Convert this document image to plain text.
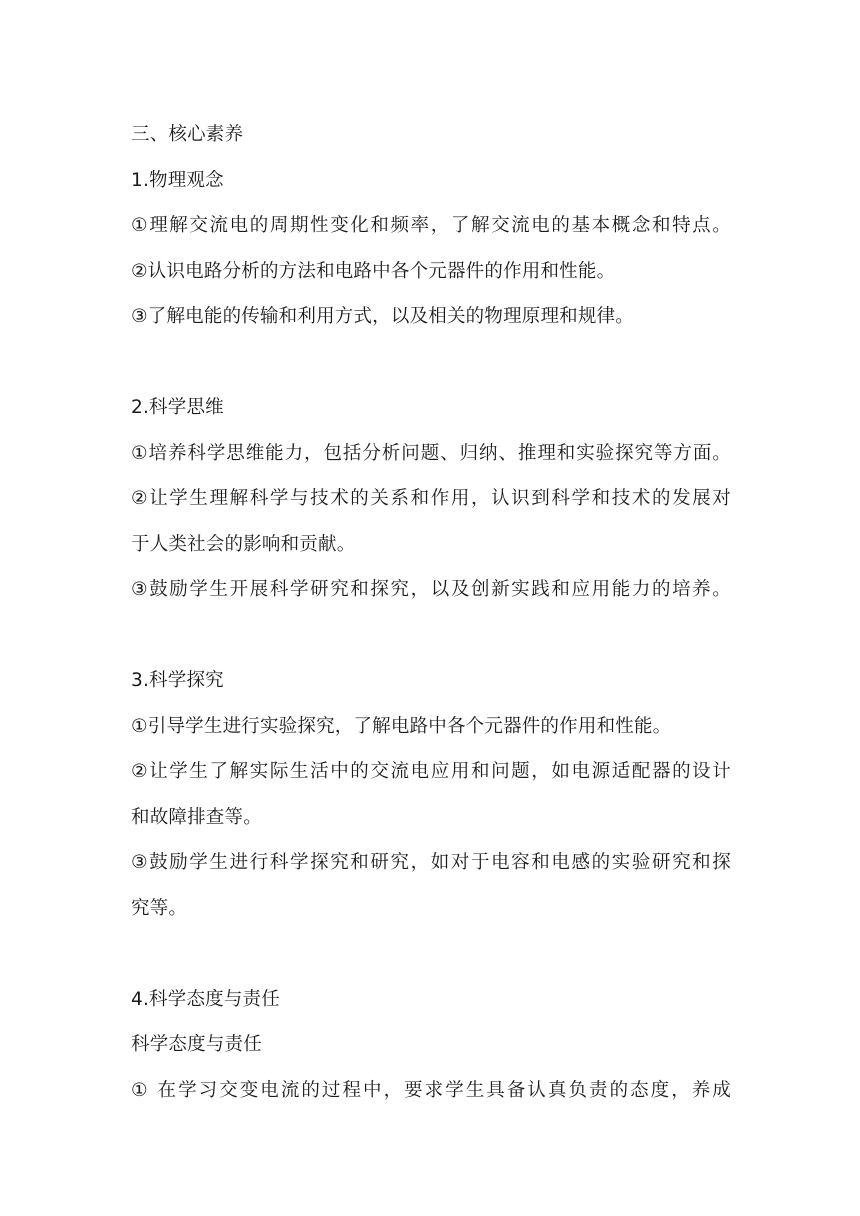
三、核心素养
1.物理观念
①理解交流电的周期性变化和频率，了解交流电的基本概念和特点。
②认识电路分析的方法和电路中各个元器件的作用和性能。
③了解电能的传输和利用方式，以及相关的物理原理和规律。
2.科学思维
①培养科学思维能力，包括分析问题、归纳、推理和实验探究等方面。
②让学生理解科学与技术的关系和作用，认识到科学和技术的发展对
于人类社会的影响和贡献。
③鼓励学生开展科学研究和探究，以及创新实践和应用能力的培养。
3.科学探究
①引导学生进行实验探究，了解电路中各个元器件的作用和性能。
②让学生了解实际生活中的交流电应用和问题，如电源适配器的设计
和故障排查等。
③鼓励学生进行科学探究和研究，如对于电容和电感的实验研究和探
究等。
4.科学态度与责任
科学态度与责任
① 在学习交变电流的过程中，要求学生具备认真负责的态度，养成
